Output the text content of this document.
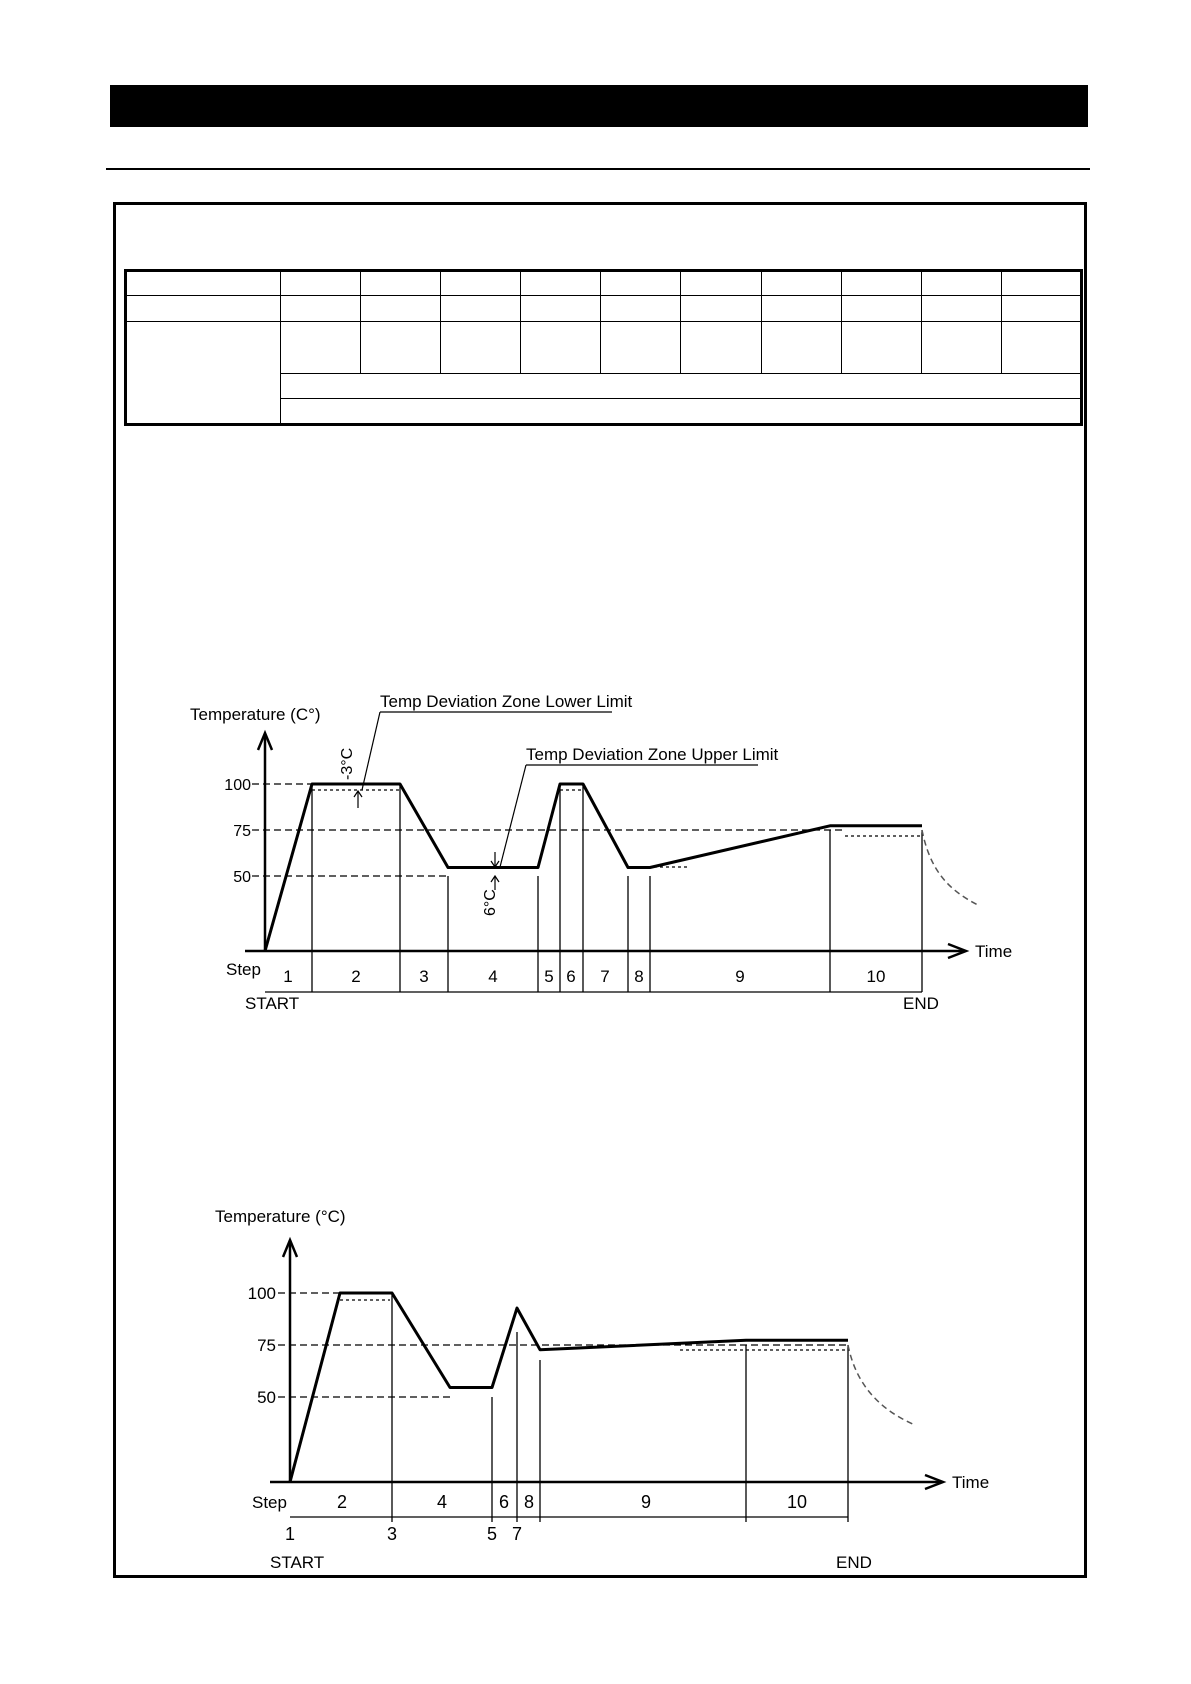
100
75
50
Temp Deviation Zone Lower Limit
Temp Deviation Zone Upper Limit
-3°C
6°C
Temperature (C°)
Time
Step
START	END
1	2	3	4	5 6 7 8	9	10
100
75
50
Temperature (°C)
Time
Step
START	END
1
2
3
4
5
6
7
8	9	10
